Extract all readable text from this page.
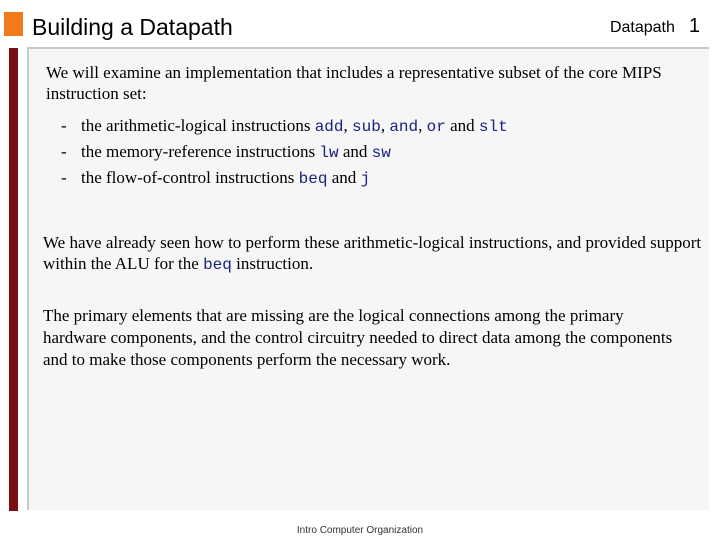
Building a Datapath	Datapath 1

We will examine an implementation that includes a representative subset of the core MIPS instruction set:

- the arithmetic-logical instructions add, sub, and, or and slt
- the memory-reference instructions lw and sw
- the flow-of-control instructions beq and j

We have already seen how to perform these arithmetic-logical instructions, and provided support within the ALU for the beq instruction.

The primary elements that are missing are the logical connections among the primary hardware components, and the control circuitry needed to direct data among the components and to make those components perform the necessary work.

Intro Computer Organization
